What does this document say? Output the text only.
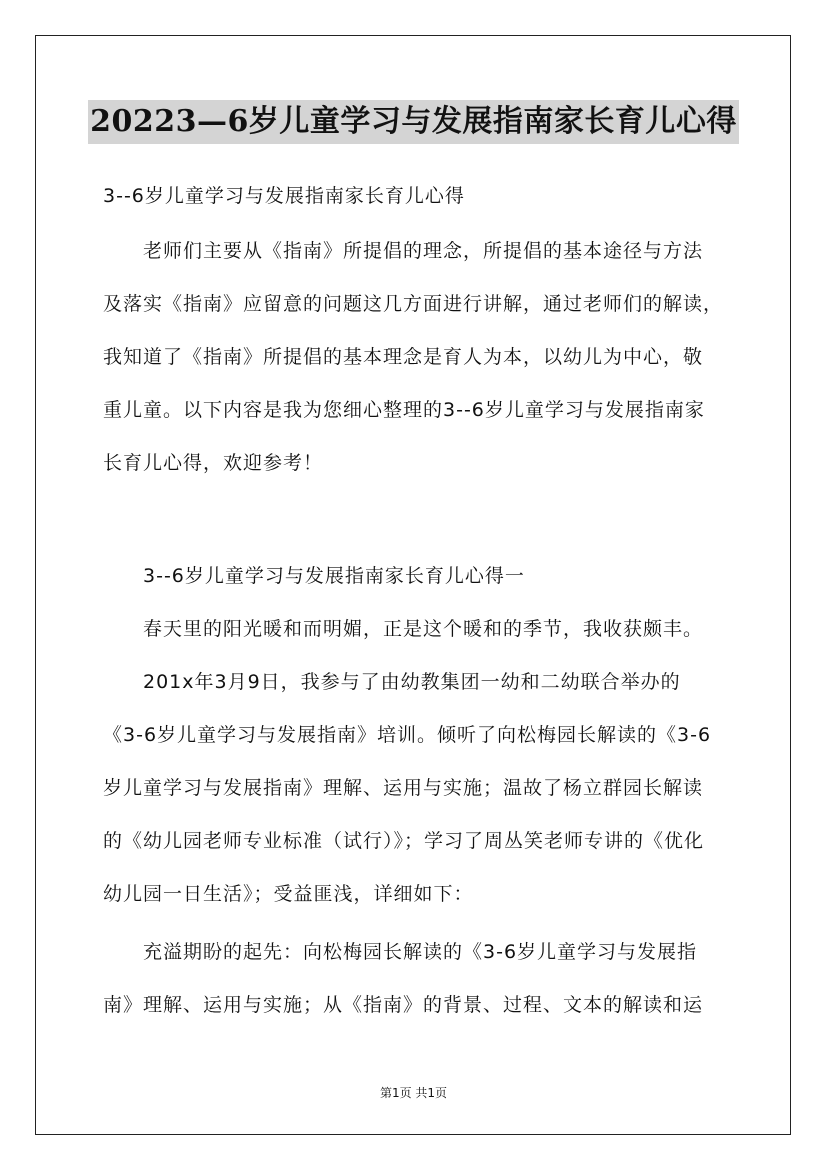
20223—6岁儿童学习与发展指南家长育儿心得
3--6岁儿童学习与发展指南家长育儿心得
老师们主要从《指南》所提倡的理念，所提倡的基本途径与方法
及落实《指南》应留意的问题这几方面进行讲解，通过老师们的解读，
我知道了《指南》所提倡的基本理念是育人为本，以幼儿为中心，敬
重儿童。以下内容是我为您细心整理的3--6岁儿童学习与发展指南家
长育儿心得，欢迎参考！
3--6岁儿童学习与发展指南家长育儿心得一
春天里的阳光暖和而明媚，正是这个暖和的季节，我收获颇丰。
201x年3月9日，我参与了由幼教集团一幼和二幼联合举办的
《3-6岁儿童学习与发展指南》培训。倾听了向松梅园长解读的《3-6
岁儿童学习与发展指南》理解、运用与实施；温故了杨立群园长解读
的《幼儿园老师专业标准（试行）》；学习了周丛笑老师专讲的《优化
幼儿园一日生活》；受益匪浅，详细如下：
充溢期盼的起先：向松梅园长解读的《3-6岁儿童学习与发展指
南》理解、运用与实施；从《指南》的背景、过程、文本的解读和运
第1页 共1页
